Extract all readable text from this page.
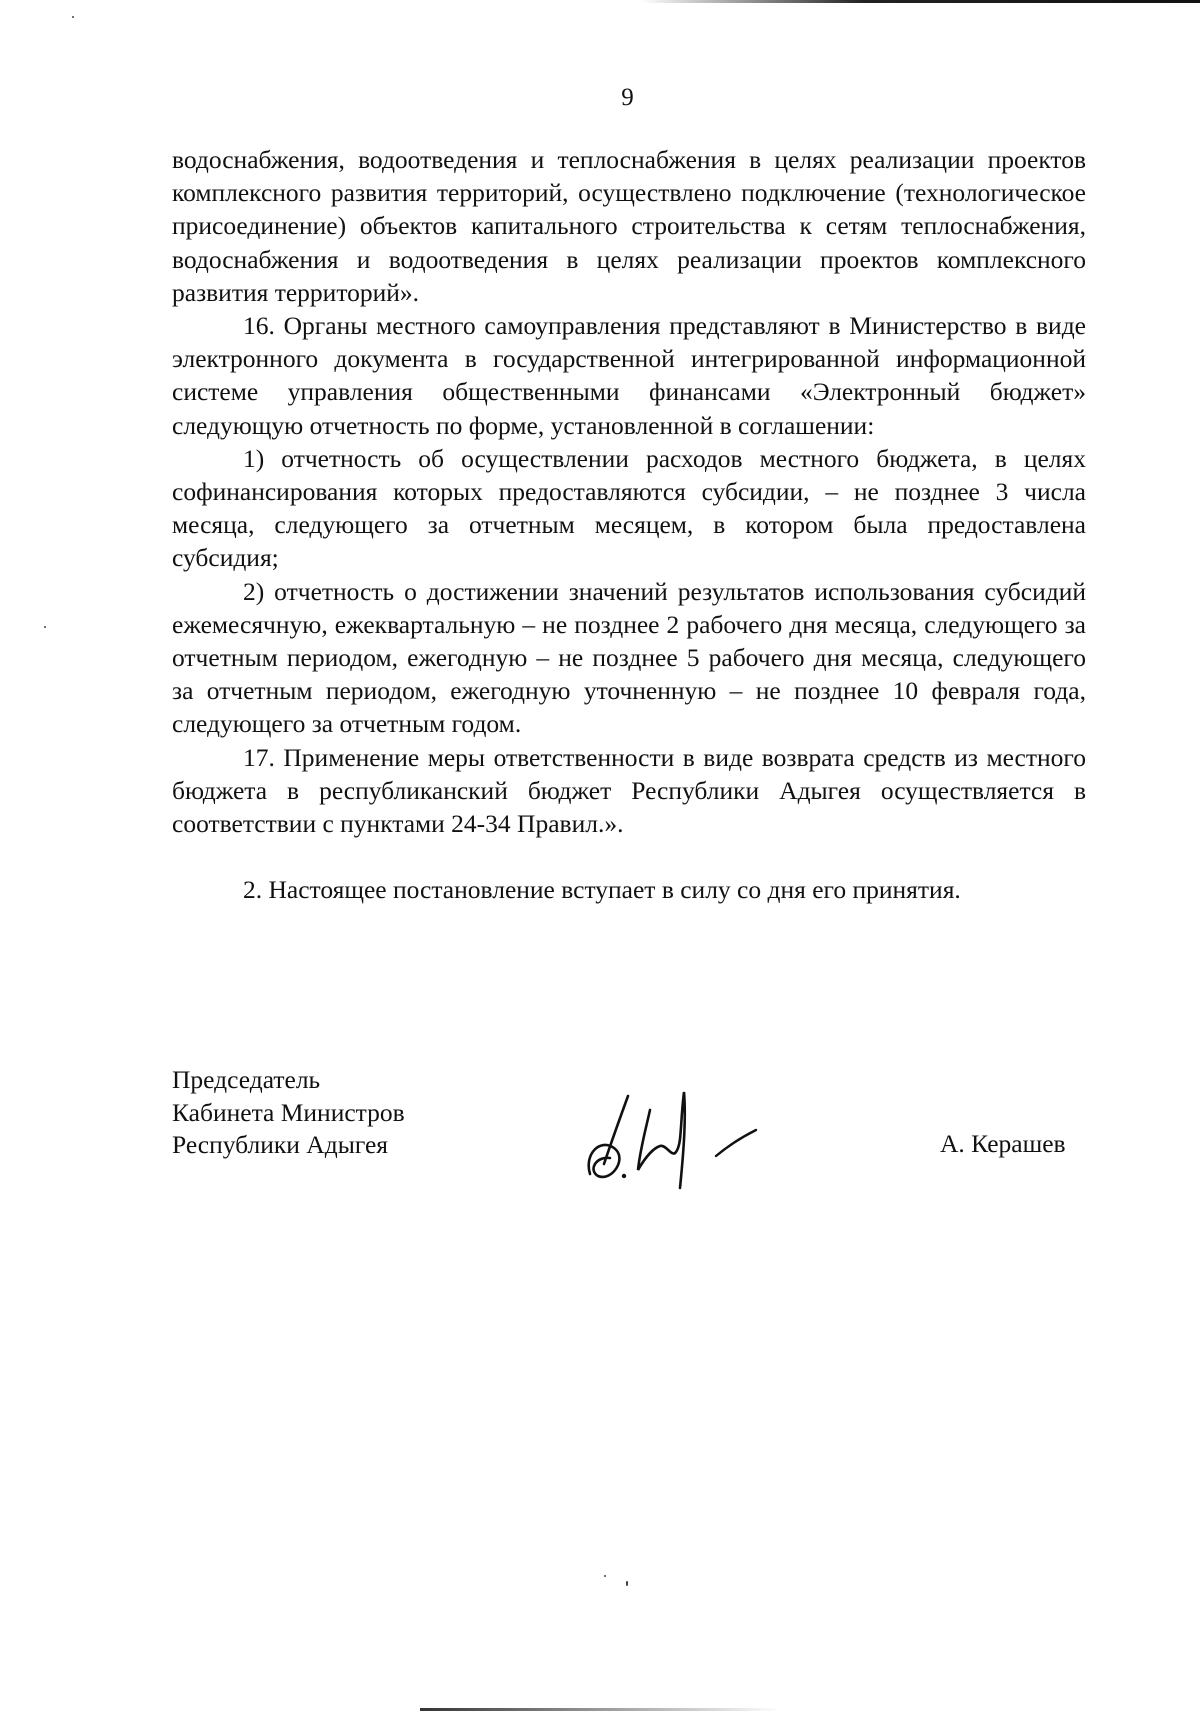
9

водоснабжения, водоотведения и теплоснабжения в целях реализации проектов комплексного развития территорий, осуществлено подключение (технологическое присоединение) объектов капитального строительства к сетям теплоснабжения, водоснабжения и водоотведения в целях реализации проектов комплексного развития территорий».

16. Органы местного самоуправления представляют в Министерство в виде электронного документа в государственной интегрированной информационной системе управления общественными финансами «Электронный бюджет» следующую отчетность по форме, установленной в соглашении:

1) отчетность об осуществлении расходов местного бюджета, в целях софинансирования которых предоставляются субсидии, – не позднее 3 числа месяца, следующего за отчетным месяцем, в котором была предоставлена субсидия;

2) отчетность о достижении значений результатов использования субсидий ежемесячную, ежеквартальную – не позднее 2 рабочего дня месяца, следующего за отчетным периодом, ежегодную – не позднее 5 рабочего дня месяца, следующего за отчетным периодом, ежегодную уточненную – не позднее 10 февраля года, следующего за отчетным годом.

17. Применение меры ответственности в виде возврата средств из местного бюджета в республиканский бюджет Республики Адыгея осуществляется в соответствии с пунктами 24-34 Правил.».

2. Настоящее постановление вступает в силу со дня его принятия.

Председатель
Кабинета Министров
Республики Адыгея	А. Керашев
